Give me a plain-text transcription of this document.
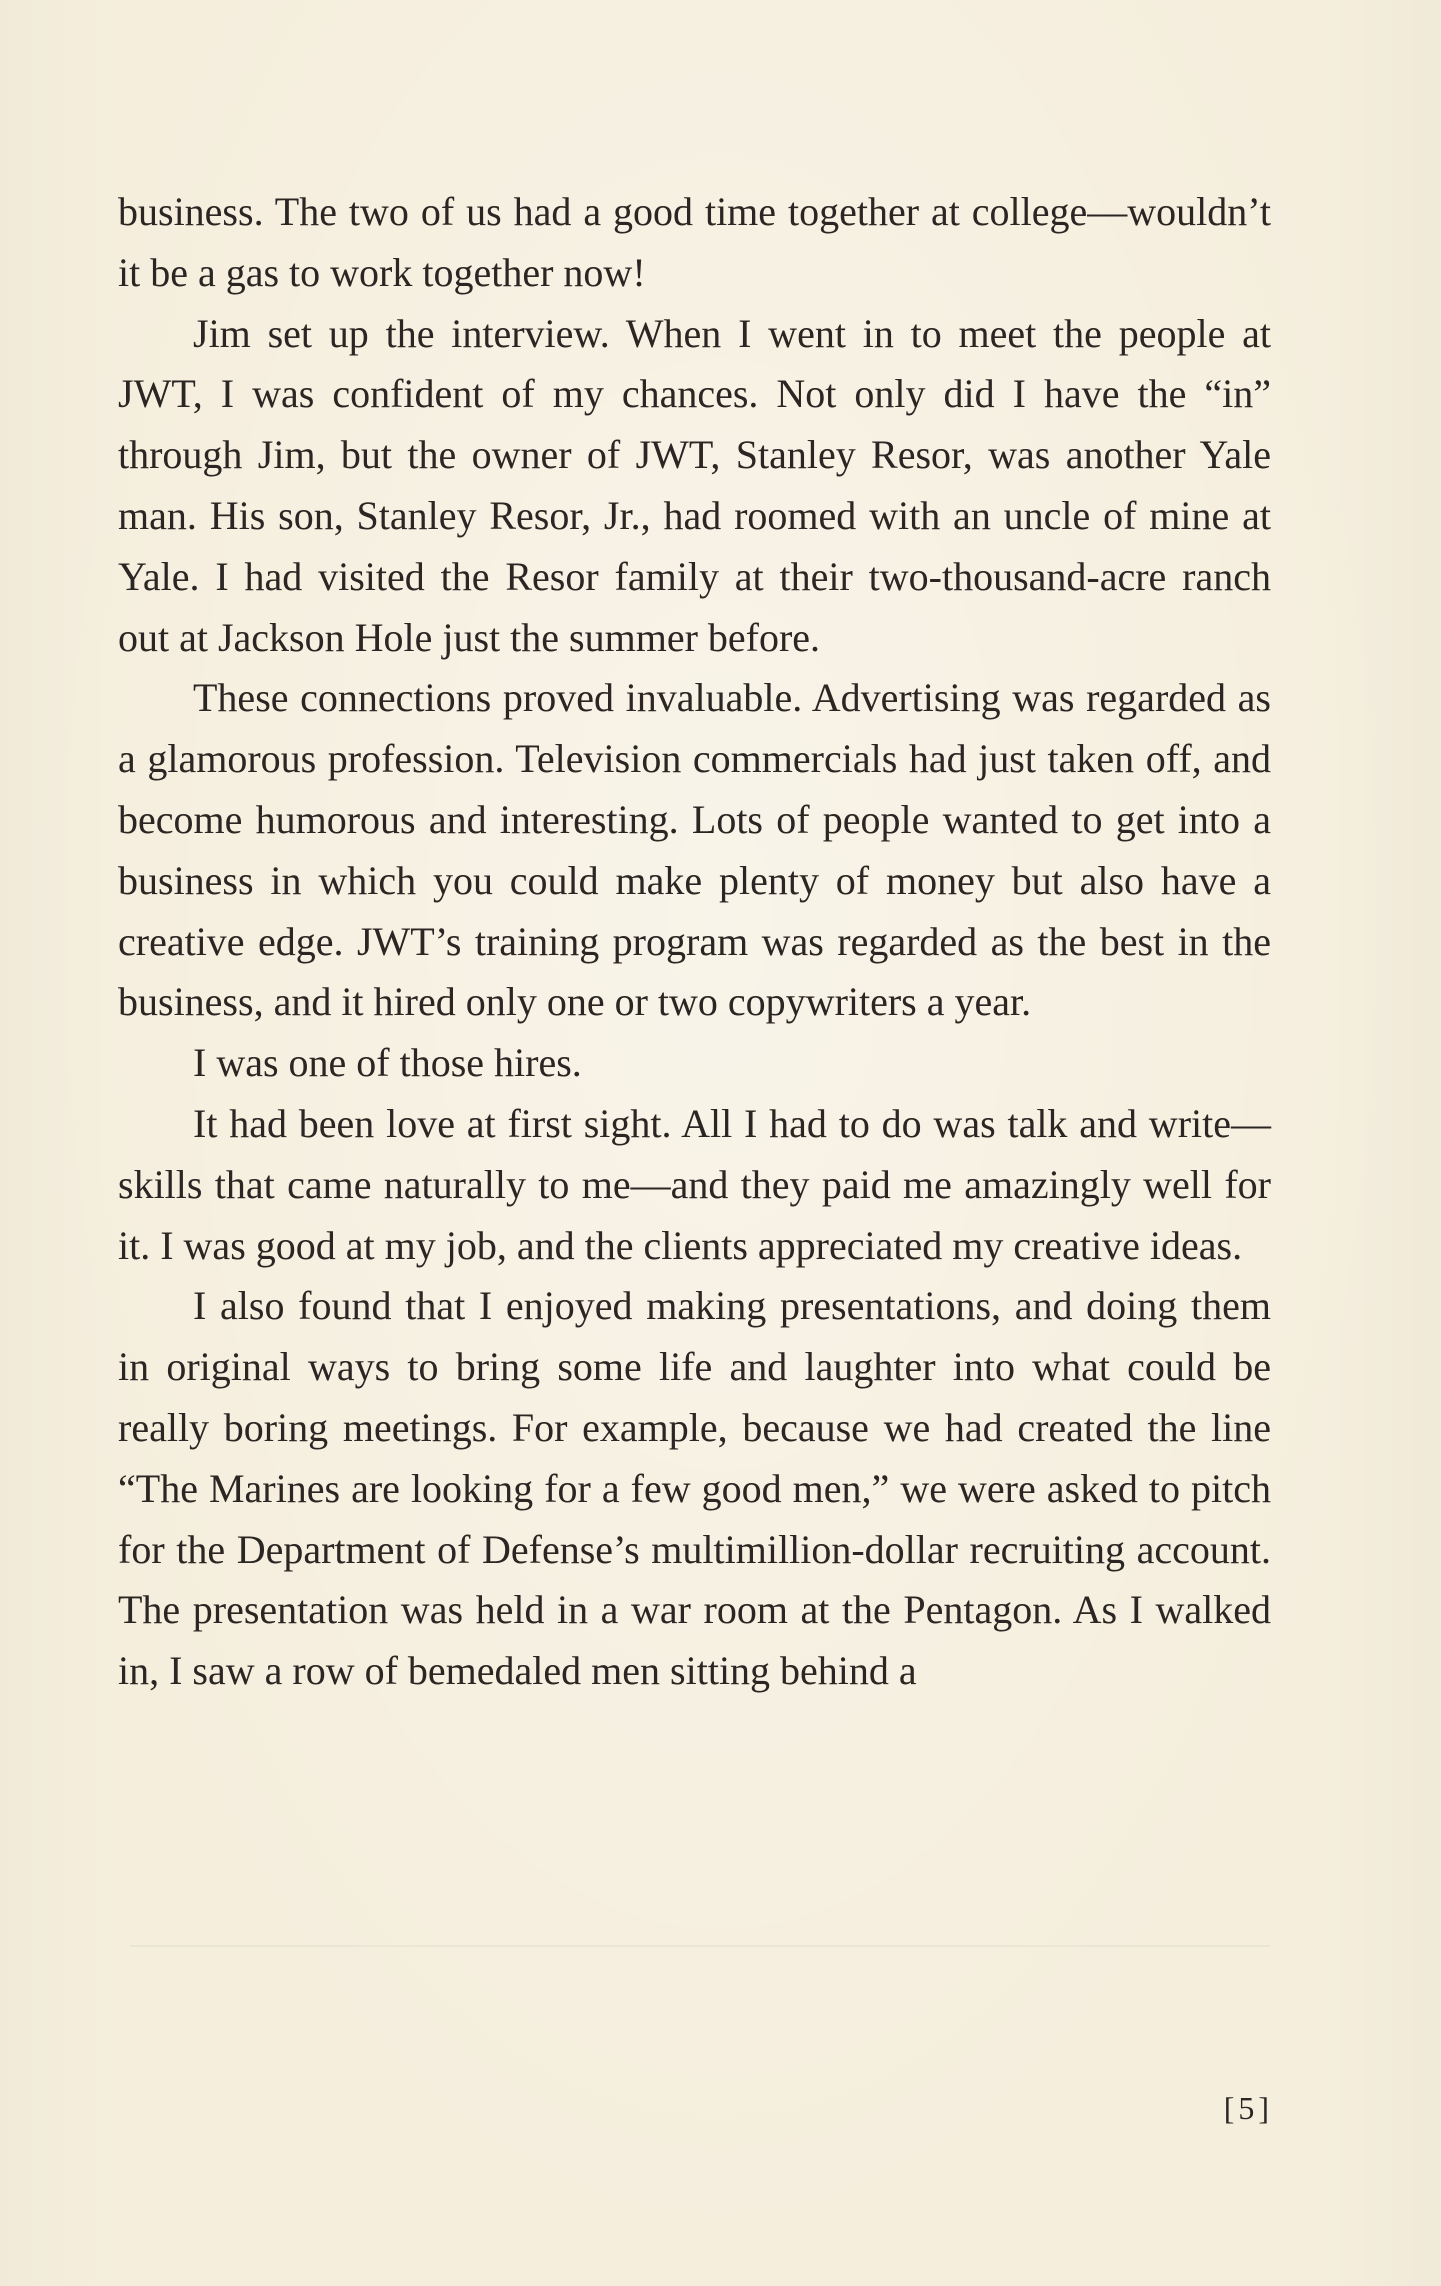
business. The two of us had a good time together at college—wouldn’t it be a gas to work together now!

Jim set up the interview. When I went in to meet the people at JWT, I was confident of my chances. Not only did I have the “in” through Jim, but the owner of JWT, Stanley Resor, was another Yale man. His son, Stanley Resor, Jr., had roomed with an uncle of mine at Yale. I had visited the Resor family at their two-thousand-acre ranch out at Jackson Hole just the summer before.

These connections proved invaluable. Advertising was regarded as a glamorous profession. Television commercials had just taken off, and become humorous and interesting. Lots of people wanted to get into a business in which you could make plenty of money but also have a creative edge. JWT’s training program was regarded as the best in the business, and it hired only one or two copywriters a year.

I was one of those hires.

It had been love at first sight. All I had to do was talk and write—skills that came naturally to me—and they paid me amazingly well for it. I was good at my job, and the clients appreciated my creative ideas.

I also found that I enjoyed making presentations, and doing them in original ways to bring some life and laughter into what could be really boring meetings. For example, because we had created the line “The Marines are looking for a few good men,” we were asked to pitch for the Department of Defense’s multimillion-dollar recruiting account. The presentation was held in a war room at the Pentagon. As I walked in, I saw a row of bemedaled men sitting behind a

[5]
